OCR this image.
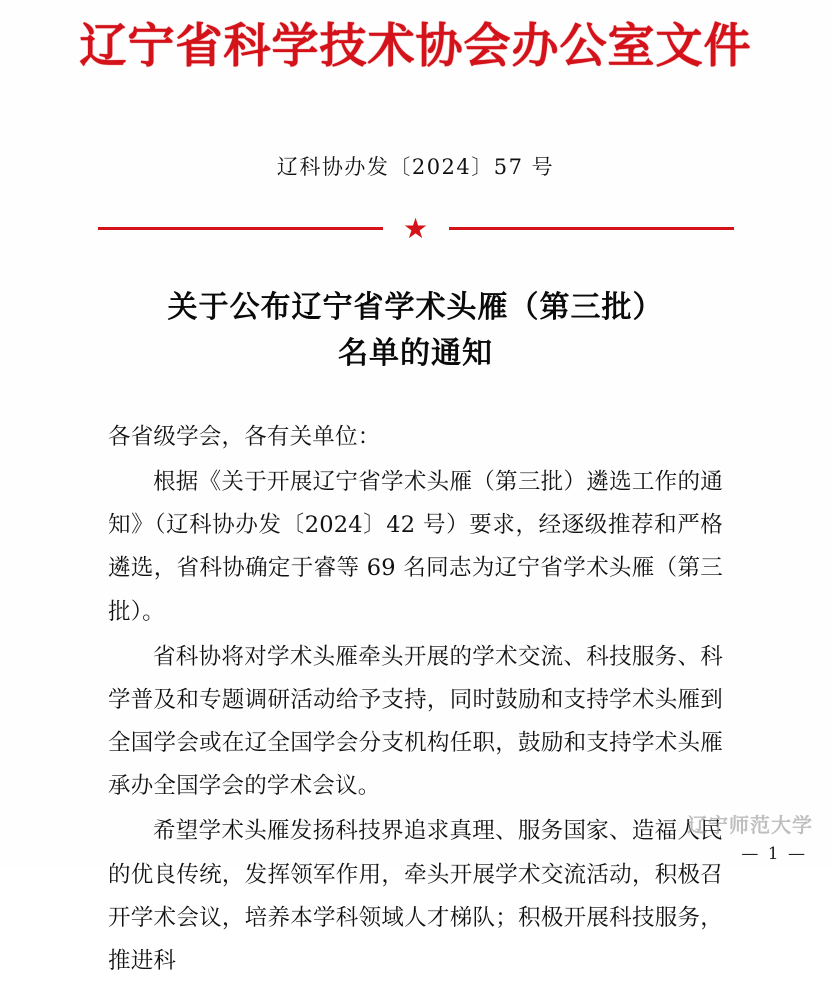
辽宁省科学技术协会办公室文件
辽科协办发〔2024〕57 号
★
关于公布辽宁省学术头雁（第三批）
名单的通知

各省级学会，各有关单位：

根据《关于开展辽宁省学术头雁（第三批）遴选工作的通知》（辽科协办发〔2024〕42 号）要求，经逐级推荐和严格遴选，省科协确定于睿等 69 名同志为辽宁省学术头雁（第三批）。

省科协将对学术头雁牵头开展的学术交流、科技服务、科学普及和专题调研活动给予支持，同时鼓励和支持学术头雁到全国学会或在辽全国学会分支机构任职，鼓励和支持学术头雁承办全国学会的学术会议。

希望学术头雁发扬科技界追求真理、服务国家、造福人民的优良传统，发挥领军作用，牵头开展学术交流活动，积极召开学术会议，培养本学科领域人才梯队；积极开展科技服务，推进科

辽宁师范大学
— 1 —
